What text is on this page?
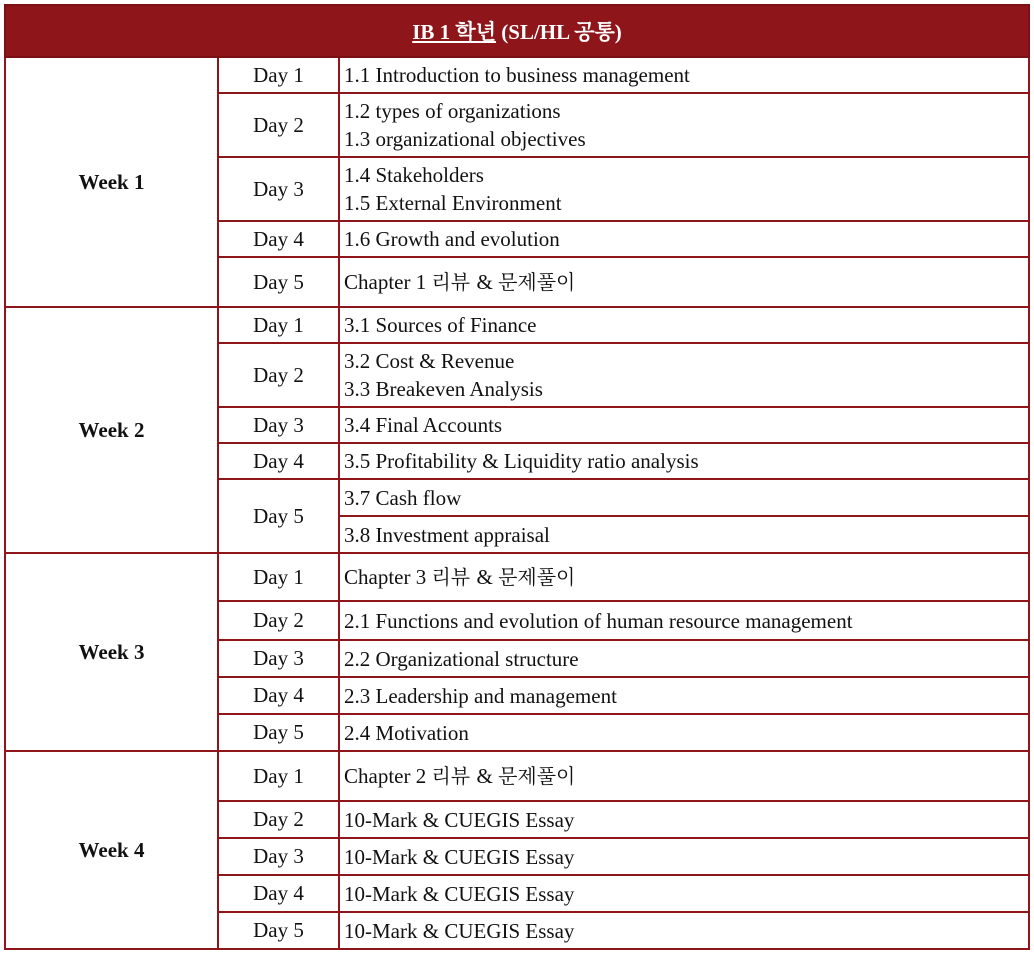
IB 1 학년 (SL/HL 공통)		
Week 1	Day 1	1.1 Introduction to business management

	Day 2	1.2 types of organizations
1.3 organizational objectives

	Day 3	1.4 Stakeholders
1.5 External Environment

	Day 4	1.6 Growth and evolution

	Day 5	Chapter 1 리뷰 & 문제풀이

Week 2	Day 1	3.1 Sources of Finance

	Day 2	3.2 Cost & Revenue
3.3 Breakeven Analysis

	Day 3	3.4 Final Accounts

	Day 4	3.5 Profitability & Liquidity ratio analysis

	Day 5	3.7 Cash flow

		3.8 Investment appraisal

Week 3	Day 1	Chapter 3 리뷰 & 문제풀이

	Day 2	2.1 Functions and evolution of human resource management

	Day 3	2.2 Organizational structure

	Day 4	2.3 Leadership and management

	Day 5	2.4 Motivation

Week 4	Day 1	Chapter 2 리뷰 & 문제풀이

	Day 2	10-Mark & CUEGIS Essay

	Day 3	10-Mark & CUEGIS Essay

	Day 4	10-Mark & CUEGIS Essay

	Day 5	10-Mark & CUEGIS Essay
